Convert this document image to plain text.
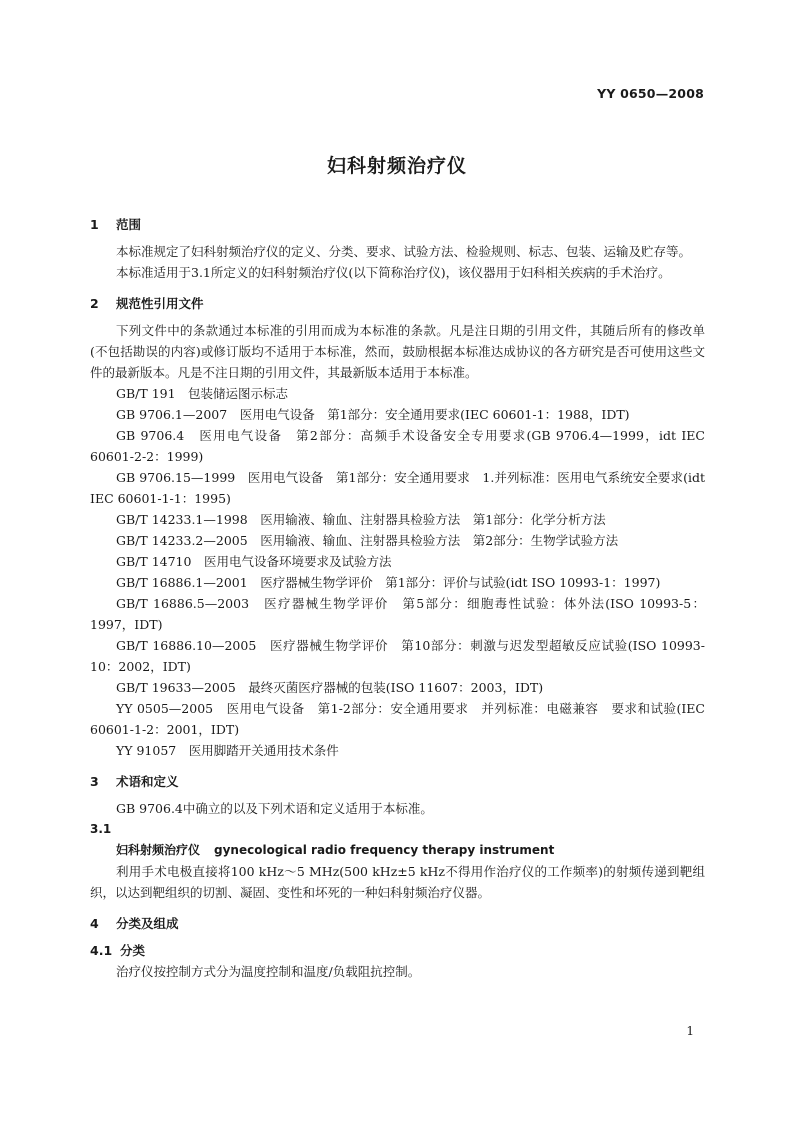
YY 0650—2008
妇科射频治疗仪
1 范围

本标准规定了妇科射频治疗仪的定义、分类、要求、试验方法、检验规则、标志、包装、运输及贮存等。

本标准适用于3.1所定义的妇科射频治疗仪(以下简称治疗仪)，该仪器用于妇科相关疾病的手术治疗。

2 规范性引用文件

下列文件中的条款通过本标准的引用而成为本标准的条款。凡是注日期的引用文件，其随后所有的修改单(不包括勘误的内容)或修订版均不适用于本标准，然而，鼓励根据本标准达成协议的各方研究是否可使用这些文件的最新版本。凡是不注日期的引用文件，其最新版本适用于本标准。

GB/T 191　包装储运图示标志

GB 9706.1—2007　医用电气设备　第1部分：安全通用要求(IEC 60601-1：1988，IDT)

GB 9706.4　医用电气设备　第2部分：高频手术设备安全专用要求(GB 9706.4—1999，idt IEC 60601-2-2：1999)

GB 9706.15—1999　医用电气设备　第1部分：安全通用要求　1.并列标准：医用电气系统安全要求(idt IEC 60601-1-1：1995)

GB/T 14233.1—1998　医用输液、输血、注射器具检验方法　第1部分：化学分析方法

GB/T 14233.2—2005　医用输液、输血、注射器具检验方法　第2部分：生物学试验方法

GB/T 14710　医用电气设备环境要求及试验方法

GB/T 16886.1—2001　医疗器械生物学评价　第1部分：评价与试验(idt ISO 10993-1：1997)

GB/T 16886.5—2003　医疗器械生物学评价　第5部分：细胞毒性试验：体外法(ISO 10993-5：1997，IDT)

GB/T 16886.10—2005　医疗器械生物学评价　第10部分：刺激与迟发型超敏反应试验(ISO 10993-10：2002，IDT)

GB/T 19633—2005　最终灭菌医疗器械的包装(ISO 11607：2003，IDT)

YY 0505—2005　医用电气设备　第1-2部分：安全通用要求　并列标准：电磁兼容　要求和试验(IEC 60601-1-2：2001，IDT)

YY 91057　医用脚踏开关通用技术条件

3 术语和定义

GB 9706.4中确立的以及下列术语和定义适用于本标准。

3.1

妇科射频治疗仪 gynecological radio frequency therapy instrument

利用手术电极直接将100 kHz～5 MHz(500 kHz±5 kHz不得用作治疗仪的工作频率)的射频传递到靶组织，以达到靶组织的切割、凝固、变性和坏死的一种妇科射频治疗仪器。

4 分类及组成
4.1 分类

治疗仪按控制方式分为温度控制和温度/负载阻抗控制。

1
